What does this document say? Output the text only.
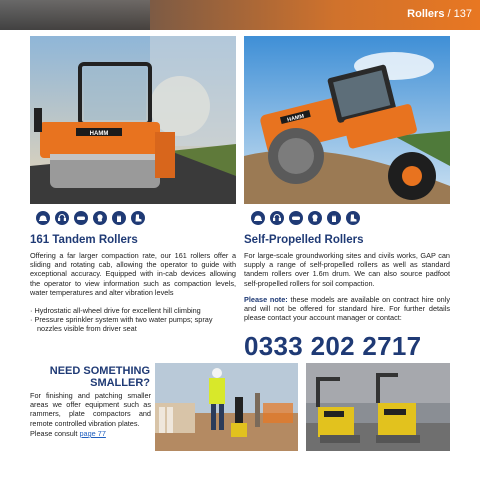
Rollers / 137
HAMM
HAMM
161 Tandem Rollers

Offering a far larger compaction rate, our 161 rollers offer a sliding and rotating cab, allowing the operator to guide with exceptional accuracy. Equipped with in-cab devices allowing the operator to view information such as compaction levels, water temperatures and alter vibration levels

· Hydrostatic all-wheel drive for excellent hill climbing
· Pressure sprinkler system with two water pumps; spray nozzles visible from driver seat
Self-Propelled Rollers

For large-scale groundworking sites and civils works, GAP can supply a range of self-propelled rollers as well as standard tandem rollers over 1.6m drum. We can also source padfoot self-propelled rollers for soil compaction.

Please note: these models are available on contract hire only and will not be offered for standard hire. For further details please contact your account manager or contact:

0333 202 2717
NEED SOMETHING
SMALLER?

For finishing and patching smaller areas we offer equipment such as rammers, plate compactors and remote controlled vibration plates.

Please consult page 77
